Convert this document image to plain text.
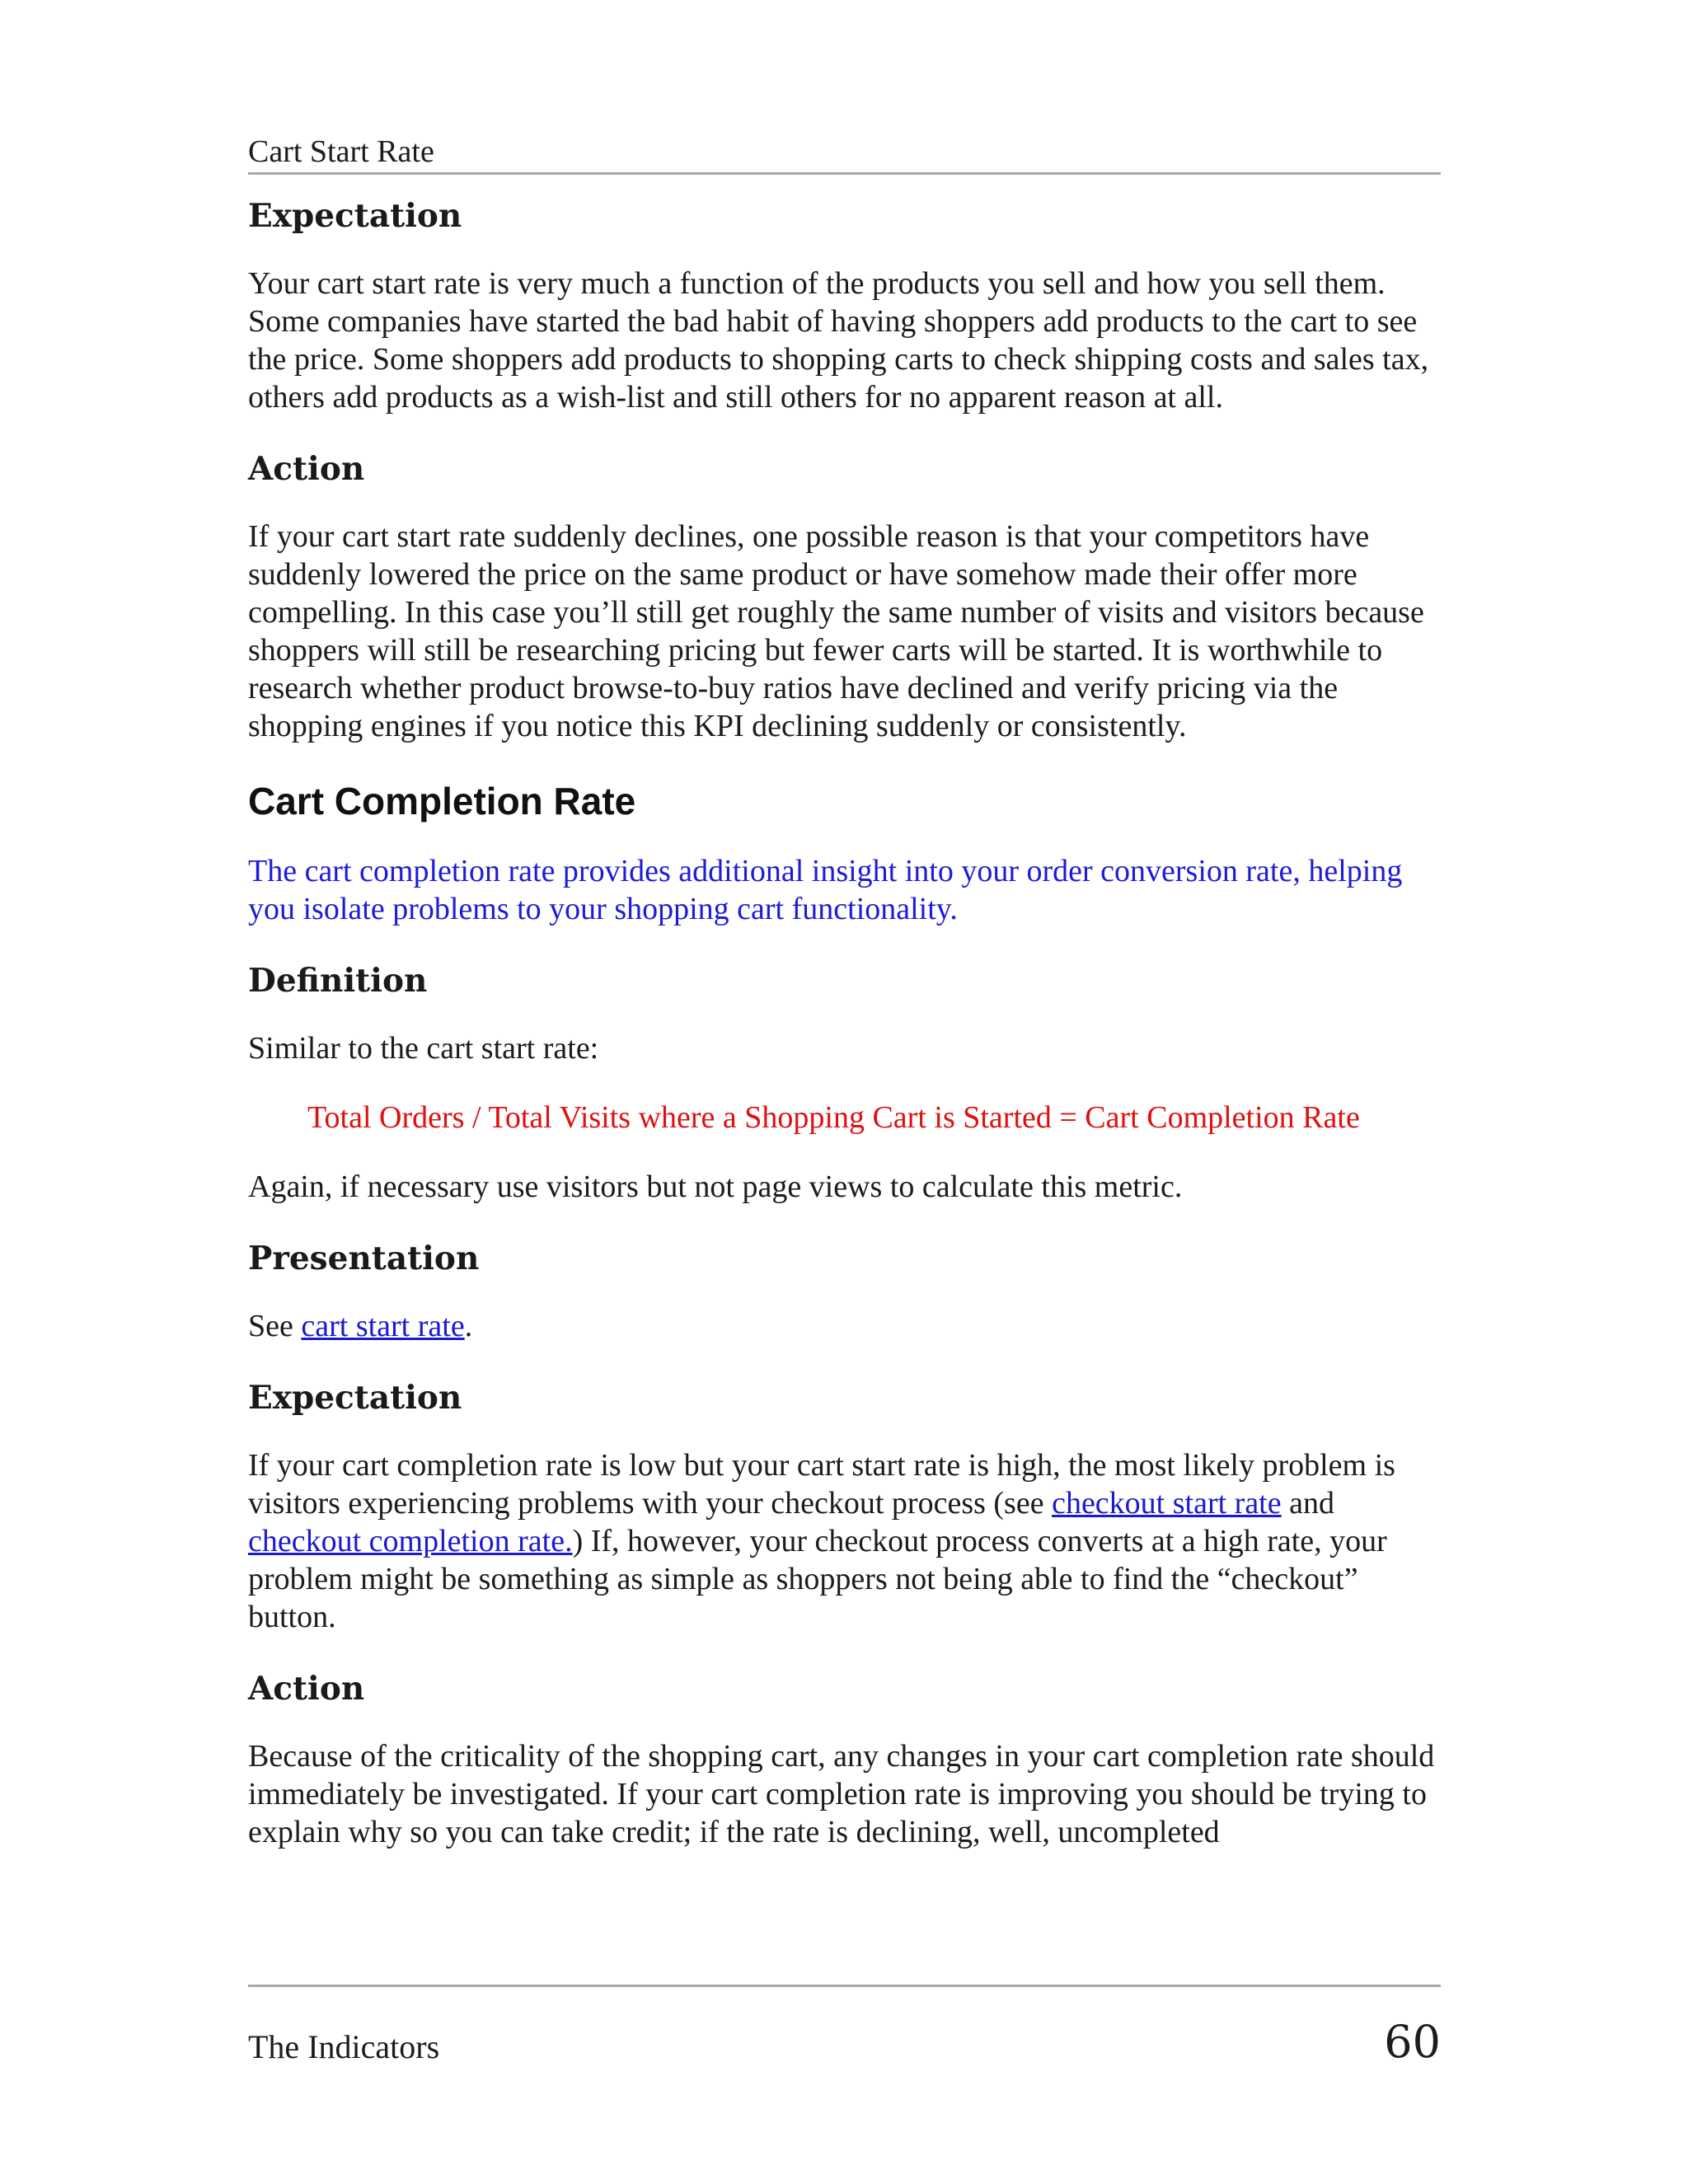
Cart Start Rate
Expectation

Your cart start rate is very much a function of the products you sell and how you sell them. Some companies have started the bad habit of having shoppers add products to the cart to see the price. Some shoppers add products to shopping carts to check shipping costs and sales tax, others add products as a wish-list and still others for no apparent reason at all.

Action

If your cart start rate suddenly declines, one possible reason is that your competitors have suddenly lowered the price on the same product or have somehow made their offer more compelling. In this case you’ll still get roughly the same number of visits and visitors because shoppers will still be researching pricing but fewer carts will be started. It is worthwhile to research whether product browse-to-buy ratios have declined and verify pricing via the shopping engines if you notice this KPI declining suddenly or consistently.

Cart Completion Rate

The cart completion rate provides additional insight into your order conversion rate, helping you isolate problems to your shopping cart functionality.

Definition

Similar to the cart start rate:

Total Orders / Total Visits where a Shopping Cart is Started = Cart Completion Rate

Again, if necessary use visitors but not page views to calculate this metric.

Presentation

See cart start rate.

Expectation

If your cart completion rate is low but your cart start rate is high, the most likely problem is visitors experiencing problems with your checkout process (see checkout start rate and checkout completion rate.) If, however, your checkout process converts at a high rate, your problem might be something as simple as shoppers not being able to find the “checkout” button.

Action

Because of the criticality of the shopping cart, any changes in your cart completion rate should immediately be investigated. If your cart completion rate is improving you should be trying to explain why so you can take credit; if the rate is declining, well, uncompleted

The Indicators	60
